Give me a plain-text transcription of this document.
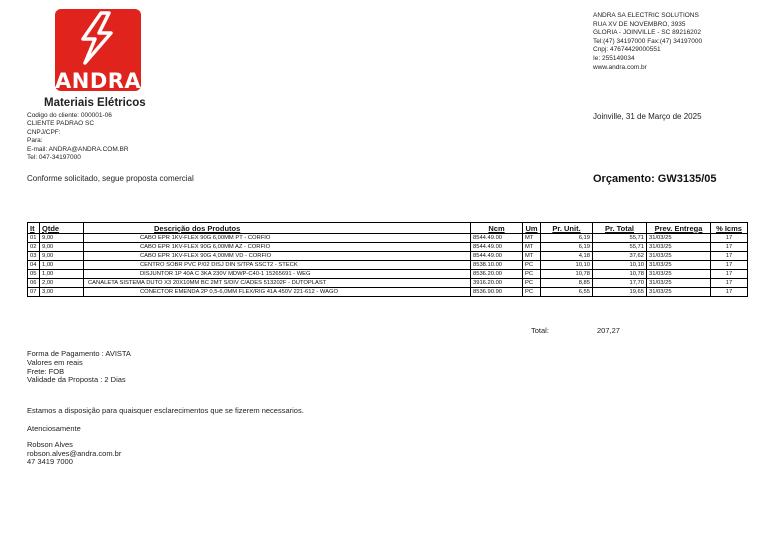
ANDRA
Materiais Elétricos
ANDRA SA ELECTRIC SOLUTIONS
RUA XV DE NOVEMBRO, 3935
GLORIA - JOINVILLE - SC 89216202
Tel:(47) 34197000 Fax:(47) 34197000
Cnpj: 47674429000551
Ie: 255149034
www.andra.com.br
Codigo do cliente: 000001-06
CLIENTE PADRAO SC
CNPJ/CPF:
Para:
E-mail: ANDRA@ANDRA.COM.BR
Tel: 047-34197000
Joinville, 31 de Março de 2025
Conforme solicitado, segue proposta comercial	Orçamento: GW3135/05
It	Qtde	Descrição dos Produtos	Ncm	Um	Pr. Unit.	Pr. Total	Prev. Entrega	% Icms
01	9,00	CABO EPR 1KV-FLEX 90G 6,00MM PT - CORFIO	8544.49.00	MT	6,19	55,71	31/03/25	17
02	9,00	CABO EPR 1KV-FLEX 90G 6,00MM AZ - CORFIO	8544.49.00	MT	6,19	55,71	31/03/25	17
03	9,00	CABO EPR 1KV-FLEX 90G 4,00MM VD - CORFIO	8544.49.00	MT	4,18	37,62	31/03/25	17
04	1,00	CENTRO SOBR PVC P/02 DISJ DIN S/TPA SSCT2 - STECK	8538.10.00	PC	10,10	10,10	31/03/25	17
05	1,00	DISJUNTOR 1P 40A C 3KA 230V MDWP-C40-1 15265691 - WEG	8536.20.00	PC	10,78	10,78	31/03/25	17
06	2,00	CANALETA SISTEMA DUTO X3 20X10MM BC 2MT S/DIV C/ADES 513202F - DUTOPLAST	3916.20.00	PC	8,85	17,70	31/03/25	17
07	3,00	CONECTOR EMENDA 2P 0,5-6,0MM FLEX/RIG 41A 450V 221-612 - WAGO	8536.90.90	PC	6,55	19,65	31/03/25	17
Total:	207,27
Forma de Pagamento : AVISTA
Valores em reais
Frete: FOB
Validade da Proposta : 2 Dias
Estamos a disposição para quaisquer esclarecimentos que se fizerem necessarios.
Atenciosamente
Robson Alves
robson.alves@andra.com.br
47 3419 7000
